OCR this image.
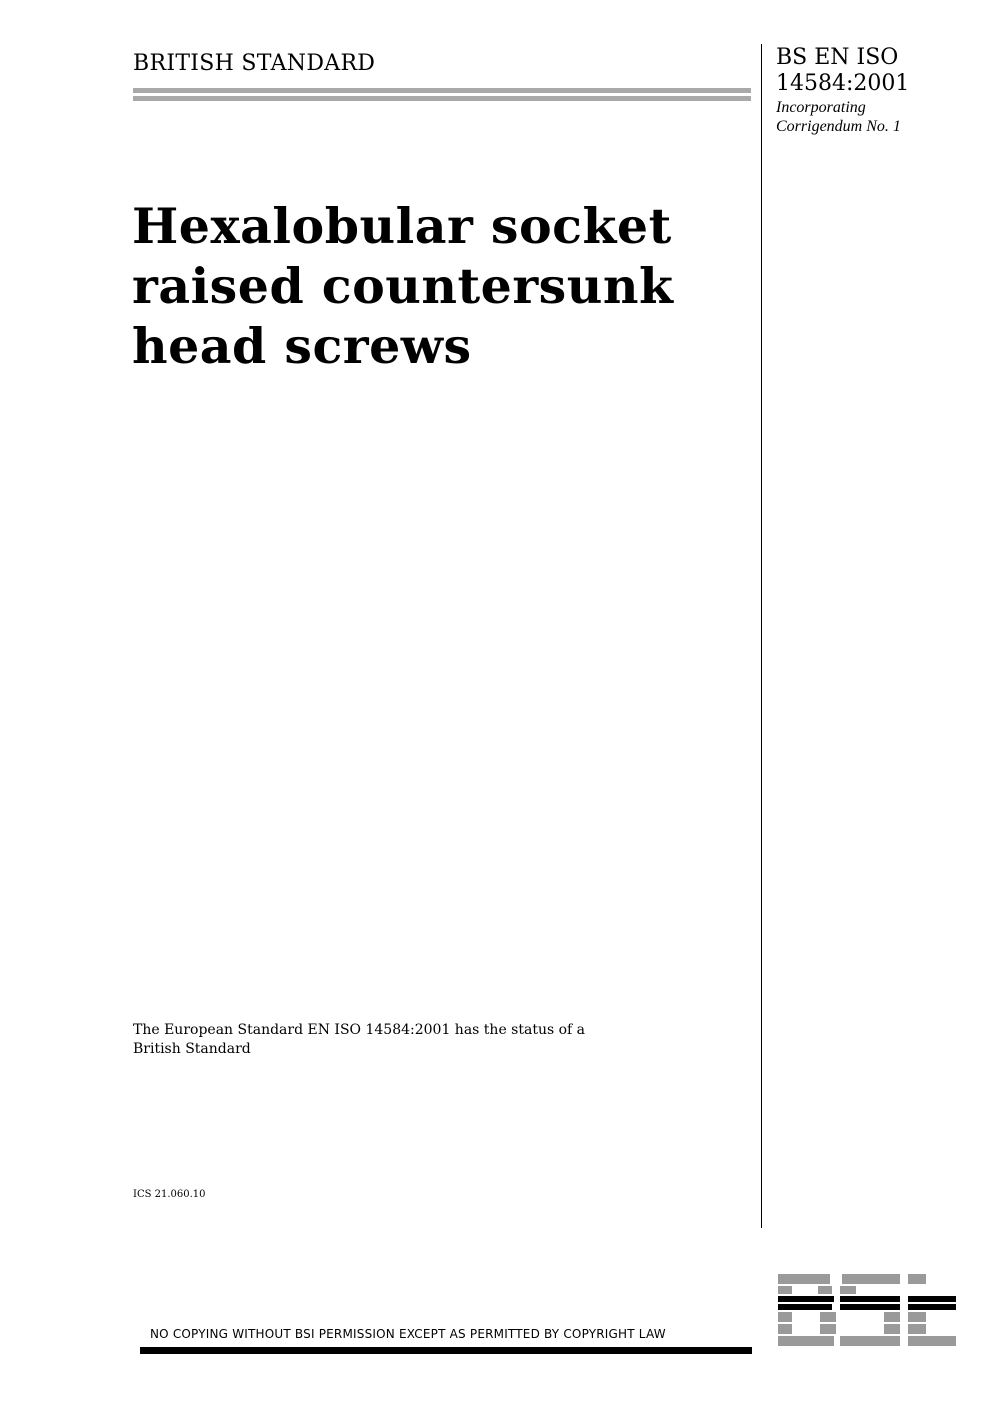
BRITISH STANDARD	BS EN ISO
14584:2001
Incorporating
Corrigendum No. 1
Hexalobular socket
raised countersunk
head screws
The European Standard EN ISO 14584:2001 has the status of a
British Standard
ICS 21.060.10
NO COPYING WITHOUT BSI PERMISSION EXCEPT AS PERMITTED BY COPYRIGHT LAW
